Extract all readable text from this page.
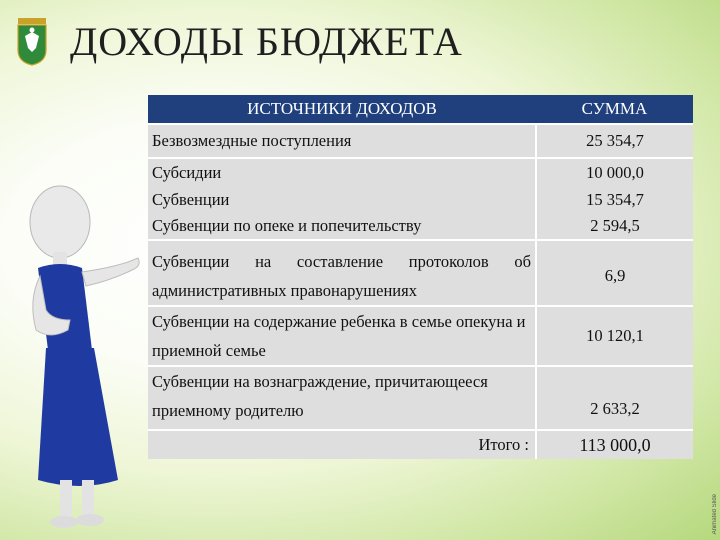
ДОХОДЫ БЮДЖЕТА
ИСТОЧНИКИ ДОХОДОВ	СУММА
Безвозмездные поступления	25 354,7
Субсидии	10 000,0
Субвенции	15 354,7
Субвенции по опеке и попечительству	2 594,5
Субвенции на составление протоколов об административных правонарушениях	6,9
Субвенции на содержание ребенка в семье опекуна и приемной семье	10 120,1
Субвенции на вознаграждение, причитающееся приемному родителю	2 633,2
Итого :	113 000,0
Animated Slide
